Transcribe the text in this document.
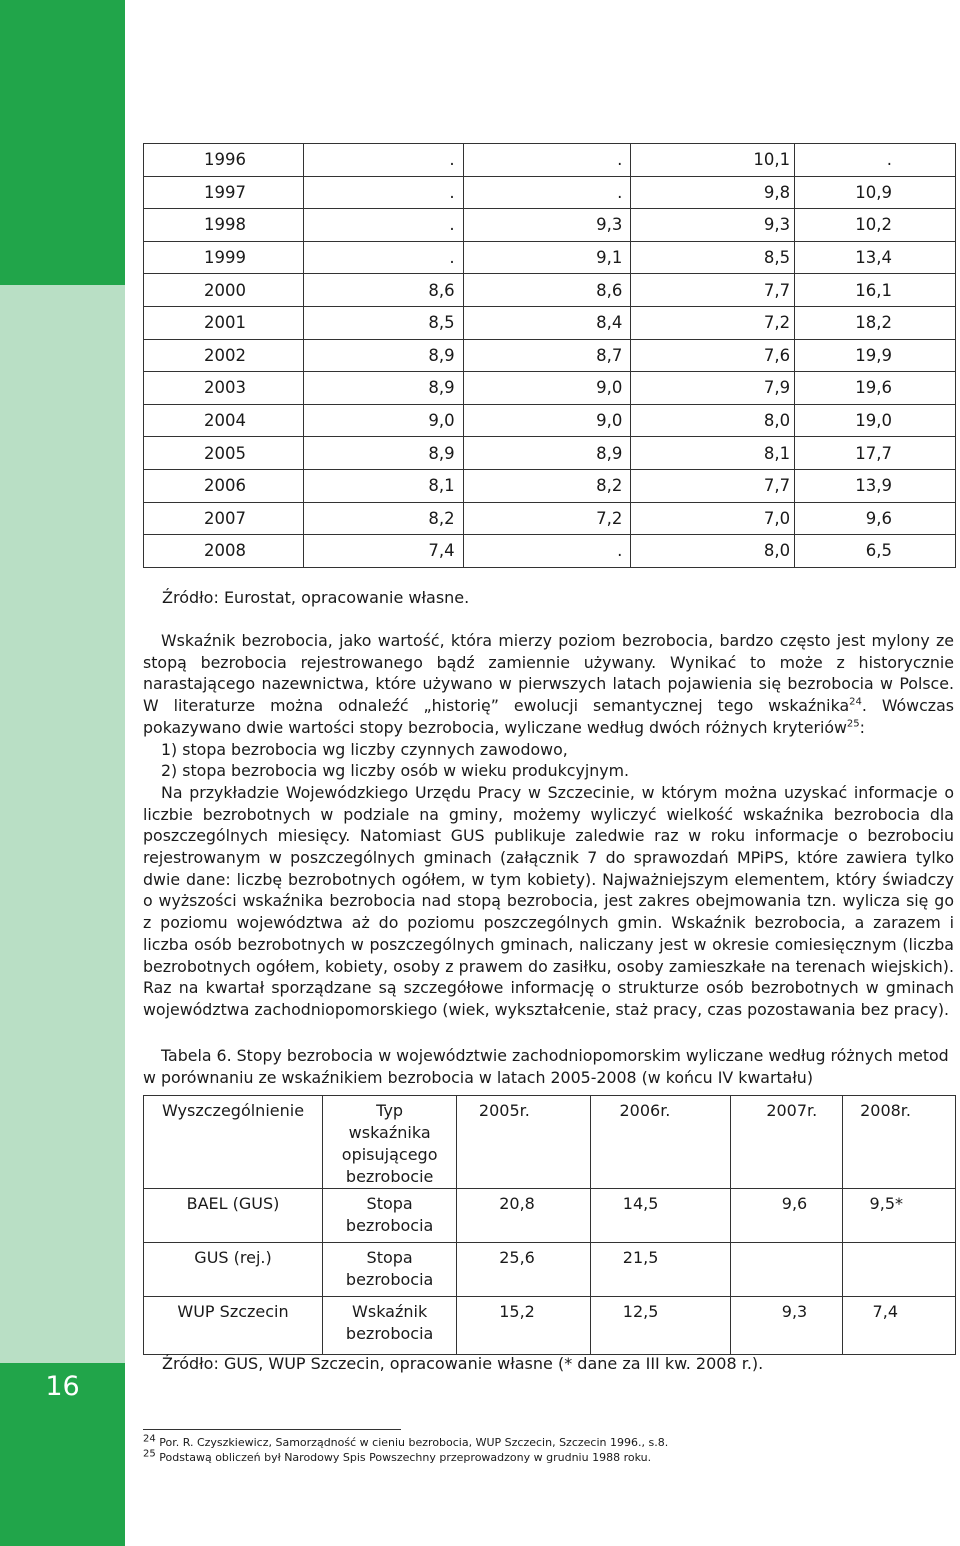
16
1996	.	.	10,1	.
1997	.	.	9,8	10,9
1998	.	9,3	9,3	10,2
1999	.	9,1	8,5	13,4
2000	8,6	8,6	7,7	16,1
2001	8,5	8,4	7,2	18,2
2002	8,9	8,7	7,6	19,9
2003	8,9	9,0	7,9	19,6
2004	9,0	9,0	8,0	19,0
2005	8,9	8,9	8,1	17,7
2006	8,1	8,2	7,7	13,9
2007	8,2	7,2	7,0	9,6
2008	7,4	.	8,0	6,5
Źródło: Eurostat, opracowanie własne.

Wskaźnik bezrobocia, jako wartość, która mierzy poziom bezrobocia, bardzo często jest mylony ze stopą bezrobocia rejestrowanego bądź zamiennie używany. Wynikać to może z historycznie narastającego nazewnictwa, które używano w pierwszych latach pojawienia się bezrobocia w Polsce. W literaturze można odnaleźć „historię” ewolucji semantycznej tego wskaźnika$^{24}$. Wówczas pokazywano dwie wartości stopy bezrobocia, wyliczane według dwóch różnych kryteriów$^{25}$:

1) stopa bezrobocia wg liczby czynnych zawodowo,
2) stopa bezrobocia wg liczby osób w wieku produkcyjnym.

Na przykładzie Wojewódzkiego Urzędu Pracy w Szczecinie, w którym można uzyskać informacje o liczbie bezrobotnych w podziale na gminy, możemy wyliczyć wielkość wskaźnika bezrobocia dla poszczególnych miesięcy. Natomiast GUS publikuje zaledwie raz w roku informacje o bezrobociu rejestrowanym w poszczególnych gminach (załącznik 7 do sprawozdań MPiPS, które zawiera tylko dwie dane: liczbę bezrobotnych ogółem, w tym kobiety). Najważniejszym elementem, który świadczy o wyższości wskaźnika bezrobocia nad stopą bezrobocia, jest zakres obejmowania tzn. wylicza się go z poziomu województwa aż do poziomu poszczególnych gmin. Wskaźnik bezrobocia, a zarazem i liczba osób bezrobotnych w poszczególnych gminach, naliczany jest w okresie comiesięcznym (liczba bezrobotnych ogółem, kobiety, osoby z prawem do zasiłku, osoby zamieszkałe na terenach wiejskich). Raz na kwartał sporządzane są szczegółowe informację o strukturze osób bezrobotnych w gminach województwa zachodniopomorskiego (wiek, wykształcenie, staż pracy, czas pozostawania bez pracy).

Tabela 6. Stopy bezrobocia w województwie zachodniopomorskim wyliczane według różnych metod w porównaniu ze wskaźnikiem bezrobocia w latach 2005-2008 (w końcu IV kwartału)
Wyszczególnienie	Typ wskaźnika opisującego bezrobocie	2005r.	2006r.	2007r.	2008r.
BAEL (GUS)	Stopa bezrobocia	20,8	14,5	9,6	9,5*
GUS (rej.)	Stopa bezrobocia	25,6	21,5		
WUP Szczecin	Wskaźnik bezrobocia	15,2	12,5	9,3	7,4
Źródło: GUS, WUP Szczecin, opracowanie własne (* dane za III kw. 2008 r.).
$^{24}$ Por. R. Czyszkiewicz, Samorządność w cieniu bezrobocia, WUP Szczecin, Szczecin 1996., s.8.
$^{25}$ Podstawą obliczeń był Narodowy Spis Powszechny przeprowadzony w grudniu 1988 roku.
